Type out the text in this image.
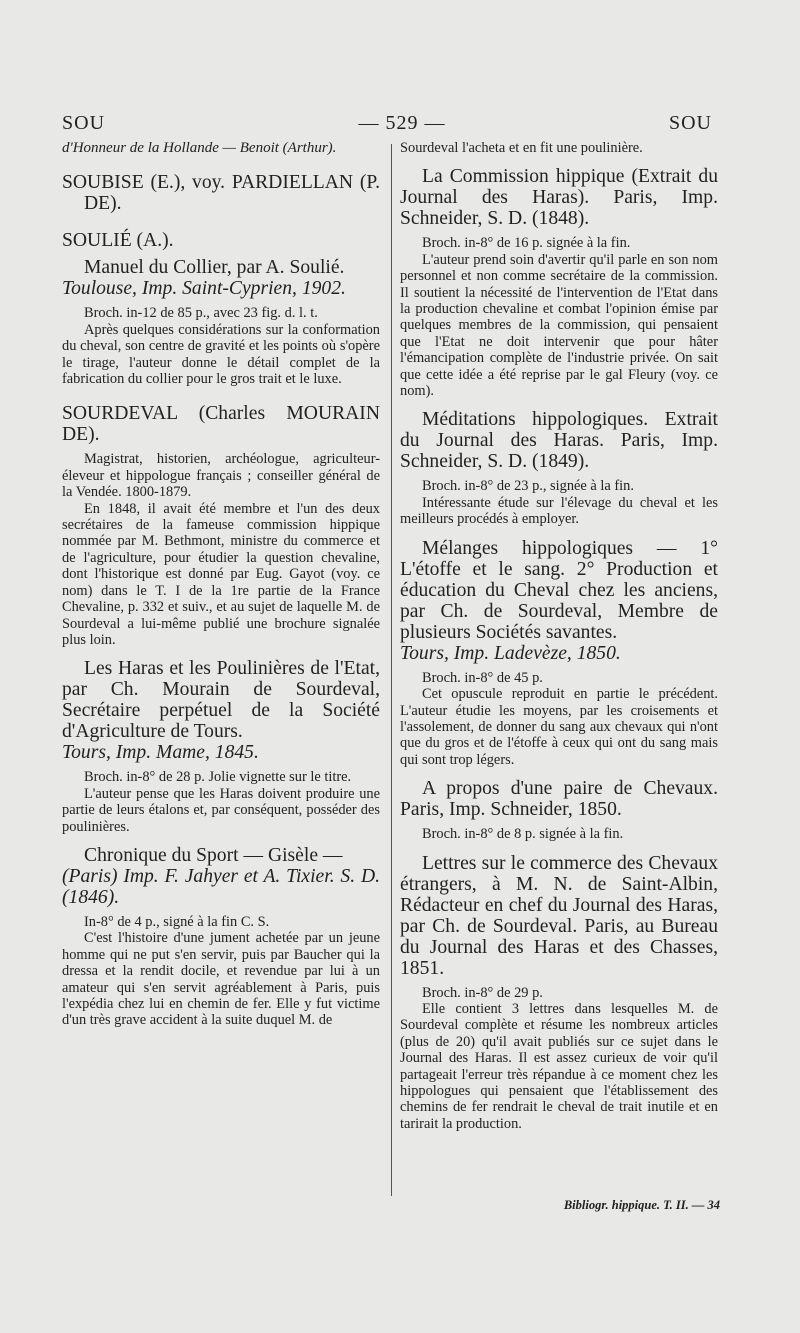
SOU	— 529 —	SOU

d'Honneur de la Hollande — Benoit (Arthur).

SOUBISE (E.), voy. PARDIELLAN (P. DE).

SOULIÉ (A.).

Manuel du Collier, par A. Soulié.

Toulouse, Imp. Saint-Cyprien, 1902.

Broch. in-12 de 85 p., avec 23 fig. d. l. t.

Après quelques considérations sur la conformation du cheval, son centre de gravité et les points où s'opère le tirage, l'auteur donne le détail complet de la fabrication du collier pour le gros trait et le luxe.

SOURDEVAL (Charles MOURAIN DE).

Magistrat, historien, archéologue, agriculteur-éleveur et hippologue français ; conseiller général de la Vendée. 1800-1879.

En 1848, il avait été membre et l'un des deux secrétaires de la fameuse commission hippique nommée par M. Bethmont, ministre du commerce et de l'agriculture, pour étudier la question chevaline, dont l'historique est donné par Eug. Gayot (voy. ce nom) dans le T. I de la 1re partie de la France Chevaline, p. 332 et suiv., et au sujet de laquelle M. de Sourdeval a lui-même publié une brochure signalée plus loin.

Les Haras et les Poulinières de l'Etat, par Ch. Mourain de Sourdeval, Secrétaire perpétuel de la Société d'Agriculture de Tours.

Tours, Imp. Mame, 1845.

Broch. in-8° de 28 p. Jolie vignette sur le titre.

L'auteur pense que les Haras doivent produire une partie de leurs étalons et, par conséquent, posséder des poulinières.

Chronique du Sport — Gisèle —

(Paris) Imp. F. Jahyer et A. Tixier. S. D. (1846).

In-8° de 4 p., signé à la fin C. S.

C'est l'histoire d'une jument achetée par un jeune homme qui ne put s'en servir, puis par Baucher qui la dressa et la rendit docile, et revendue par lui à un amateur qui s'en servit agréablement à Paris, puis l'expédia chez lui en chemin de fer. Elle y fut victime d'un très grave accident à la suite duquel M. de

Sourdeval l'acheta et en fit une poulinière.

La Commission hippique (Extrait du Journal des Haras). Paris, Imp. Schneider, S. D. (1848).

Broch. in-8° de 16 p. signée à la fin.

L'auteur prend soin d'avertir qu'il parle en son nom personnel et non comme secrétaire de la commission. Il soutient la nécessité de l'intervention de l'Etat dans la production chevaline et combat l'opinion émise par quelques membres de la commission, qui pensaient que l'Etat ne doit intervenir que pour hâter l'émancipation complète de l'industrie privée. On sait que cette idée a été reprise par le gal Fleury (voy. ce nom).

Méditations hippologiques. Extrait du Journal des Haras. Paris, Imp. Schneider, S. D. (1849).

Broch. in-8° de 23 p., signée à la fin.

Intéressante étude sur l'élevage du cheval et les meilleurs procédés à employer.

Mélanges hippologiques — 1° L'étoffe et le sang. 2° Production et éducation du Cheval chez les anciens, par Ch. de Sourdeval, Membre de plusieurs Sociétés savantes.

Tours, Imp. Ladevèze, 1850.

Broch. in-8° de 45 p.

Cet opuscule reproduit en partie le précédent. L'auteur étudie les moyens, par les croisements et l'assolement, de donner du sang aux chevaux qui n'ont que du gros et de l'étoffe à ceux qui ont du sang mais qui sont trop légers.

A propos d'une paire de Chevaux. Paris, Imp. Schneider, 1850.

Broch. in-8° de 8 p. signée à la fin.

Lettres sur le commerce des Chevaux étrangers, à M. N. de Saint-Albin, Rédacteur en chef du Journal des Haras, par Ch. de Sourdeval. Paris, au Bureau du Journal des Haras et des Chasses, 1851.

Broch. in-8° de 29 p.

Elle contient 3 lettres dans lesquelles M. de Sourdeval complète et résume les nombreux articles (plus de 20) qu'il avait publiés sur ce sujet dans le Journal des Haras. Il est assez curieux de voir qu'il partageait l'erreur très répandue à ce moment chez les hippologues qui pensaient que l'établissement des chemins de fer rendrait le cheval de trait inutile et en tarirait la production.

Bibliogr. hippique. T. II. — 34
